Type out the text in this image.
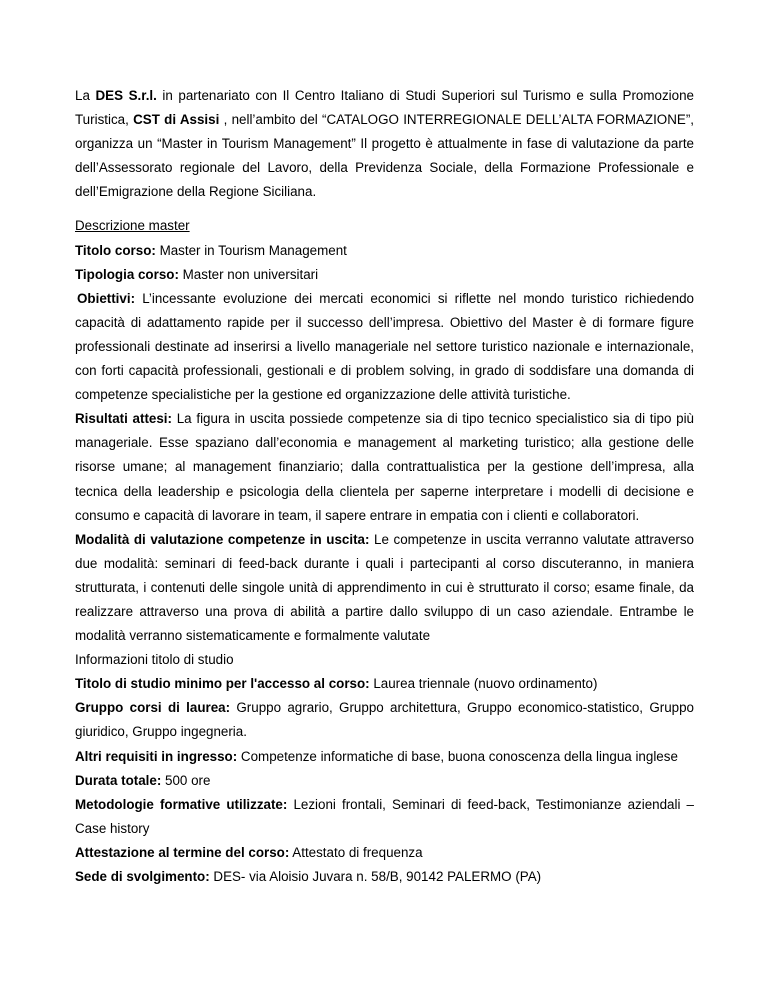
La DES S.r.l. in partenariato con Il Centro Italiano di Studi Superiori sul Turismo e sulla Promozione Turistica, CST di Assisi , nell’ambito del “CATALOGO INTERREGIONALE DELL’ALTA FORMAZIONE”, organizza un “Master in Tourism Management” Il progetto è attualmente in fase di valutazione da parte dell’Assessorato regionale del Lavoro, della Previdenza Sociale, della Formazione Professionale e dell’Emigrazione della Regione Siciliana.

Descrizione master

Titolo corso: Master in Tourism Management

Tipologia corso: Master non universitari

Obiettivi: L’incessante evoluzione dei mercati economici si riflette nel mondo turistico richiedendo capacità di adattamento rapide per il successo dell’impresa. Obiettivo del Master è di formare figure professionali destinate ad inserirsi a livello manageriale nel settore turistico nazionale e internazionale, con forti capacità professionali, gestionali e di problem solving, in grado di soddisfare una domanda di competenze specialistiche per la gestione ed organizzazione delle attività turistiche.

Risultati attesi: La figura in uscita possiede competenze sia di tipo tecnico specialistico sia di tipo più manageriale. Esse spaziano dall’economia e management al marketing turistico; alla gestione delle risorse umane; al management finanziario; dalla contrattualistica per la gestione dell’impresa, alla tecnica della leadership e psicologia della clientela per saperne interpretare i modelli di decisione e consumo e capacità di lavorare in team, il sapere entrare in empatia con i clienti e collaboratori.

Modalità di valutazione competenze in uscita: Le competenze in uscita verranno valutate attraverso due modalità: seminari di feed-back durante i quali i partecipanti al corso discuteranno, in maniera strutturata, i contenuti delle singole unità di apprendimento in cui è strutturato il corso; esame finale, da realizzare attraverso una prova di abilità a partire dallo sviluppo di un caso aziendale. Entrambe le modalità verranno sistematicamente e formalmente valutate

Informazioni titolo di studio

Titolo di studio minimo per l'accesso al corso: Laurea triennale (nuovo ordinamento)

Gruppo corsi di laurea: Gruppo agrario, Gruppo architettura, Gruppo economico-statistico, Gruppo giuridico, Gruppo ingegneria.

Altri requisiti in ingresso: Competenze informatiche di base, buona conoscenza della lingua inglese

Durata totale: 500 ore

Metodologie formative utilizzate: Lezioni frontali, Seminari di feed-back, Testimonianze aziendali – Case history

Attestazione al termine del corso: Attestato di frequenza

Sede di svolgimento: DES- via Aloisio Juvara n. 58/B, 90142 PALERMO (PA)
